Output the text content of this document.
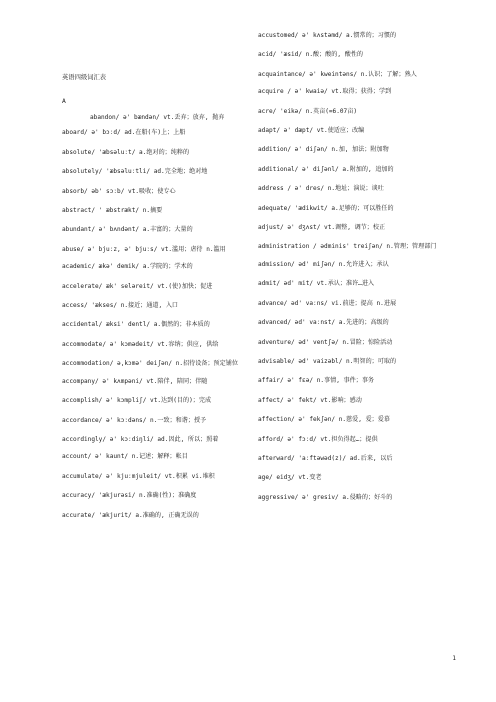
英语四级词汇表
A
abandon/ ə' bændən/ vt.丢弃；放弃, 抛弃
aboard/ ə' bɔːd/ ad.在船(车)上；上船
absolute/ 'æbsəluːt/ a.绝对的；纯粹的
absolutely/ 'æbsəluːtli/ ad.完全地；绝对地
absorb/ əb' sɔːb/ vt.吸收；使专心
abstract/ ' æbstrækt/ n.摘要
abundant/ ə' bʌndənt/ a.丰富的；大量的
abuse/ ə' bjuːz, ə' bjuːs/ vt.滥用；虐待 n.滥用
academic/ ækə' demik/ a.学院的；学术的
accelerate/ æk' seləreit/ vt.(使)加快；促进
access/ 'ækses/ n.接近；通道, 入口
accidental/ æksi' dentl/ a.偶然的；非本质的
accommodate/ ə' kɔmədeit/ vt.容纳；供应, 供给
accommodation/ ə,kɔmə' deiʃən/ n.招待设备；预定铺位
accompany/ ə' kʌmpəni/ vt.陪伴, 陪同；伴随
accomplish/ ə' kɔmpliʃ/ vt.达到(目的)；完成
accordance/ ə' kɔːdəns/ n.一致；和谐；授予
accordingly/ ə' kɔːdiŋli/ ad.因此, 所以；照着
account/ ə' kaunt/ n.记述；解释；帐目
accumulate/ ə' kjuːmjuleit/ vt.积累 vi.堆积
accuracy/ 'ækjurəsi/ n.准确(性)；准确度
accurate/ 'ækjurit/ a.准确的, 正确无误的
accustomed/ ə' kʌstəmd/ a.惯常的；习惯的
acid/ 'æsid/ n.酸；酸的, 酸性的
acquaintance/ ə' kweintəns/ n.认识；了解；熟人
acquire / ə' kwaiə/ vt.取得；获得；学到
acre/ 'eikə/ n.英亩(=6.07亩)
adapt/ ə' dæpt/ vt.使适应；改编
addition/ ə' diʃən/ n.加, 加法；附加物
additional/ ə' diʃənl/ a.附加的, 追加的
address / ə' dres/ n.地址；演说；谈吐
adequate/ 'ædikwit/ a.足够的；可以胜任的
adjust/ ə' dʒʌst/ vt.调整, 调节；校正
administration / ədminis' treiʃən/ n.管理；管理部门
admission/ əd' miʃən/ n.允许进入；承认
admit/ əd' mit/ vt.承认；准许…进入
advance/ əd' vaːns/ vi.前进；提高 n.进展
advanced/ əd' vaːnst/ a.先进的；高级的
adventure/ əd' ventʃə/ n.冒险；惊险活动
advisable/ əd' vaizəbl/ n.明智的；可取的
affair/ ə' fɛə/ n.事情, 事件；事务
affect/ ə' fekt/ vt.影响；感动
affection/ ə' fekʃən/ n.慈爱, 爱；爱慕
afford/ ə' fɔːd/ vt.担负得起…；提供
afterward/ 'aːftəwəd(z)/ ad.后来, 以后
age/ eidʒ/ vt.变老
aggressive/ ə' gresiv/ a.侵略的；好斗的
1
